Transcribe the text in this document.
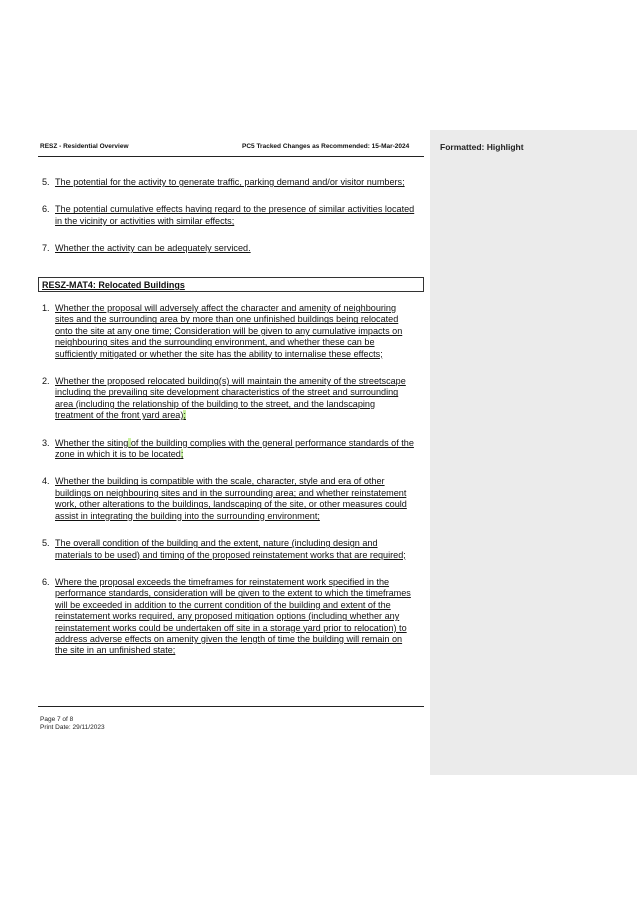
Formatted: Highlight
RESZ - Residential Overview	PC5 Tracked Changes as Recommended: 15-Mar-2024
5. The potential for the activity to generate traffic, parking demand and/or visitor numbers;
6. The potential cumulative effects having regard to the presence of similar activities located in the vicinity or activities with similar effects;
7. Whether the activity can be adequately serviced.
RESZ-MAT4: Relocated Buildings
1. Whether the proposal will adversely affect the character and amenity of neighbouring sites and the surrounding area by more than one unfinished buildings being relocated onto the site at any one time; Consideration will be given to any cumulative impacts on neighbouring sites and the surrounding environment, and whether these can be sufficiently mitigated or whether the site has the ability to internalise these effects;
2. Whether the proposed relocated building(s) will maintain the amenity of the streetscape including the prevailing site development characteristics of the street and surrounding area (including the relationship of the building to the street, and the landscaping treatment of the front yard area);
3. Whether the siting of the building complies with the general performance standards of the zone in which it is to be located;
4. Whether the building is compatible with the scale, character, style and era of other buildings on neighbouring sites and in the surrounding area; and whether reinstatement work, other alterations to the buildings, landscaping of the site, or other measures could assist in integrating the building into the surrounding environment;
5. The overall condition of the building and the extent, nature (including design and materials to be used) and timing of the proposed reinstatement works that are required;
6. Where the proposal exceeds the timeframes for reinstatement work specified in the performance standards, consideration will be given to the extent to which the timeframes will be exceeded in addition to the current condition of the building and extent of the reinstatement works required, any proposed mitigation options (including whether any reinstatement works could be undertaken off site in a storage yard prior to relocation) to address adverse effects on amenity given the length of time the building will remain on the site in an unfinished state;
Page 7 of 8
Print Date: 29/11/2023
